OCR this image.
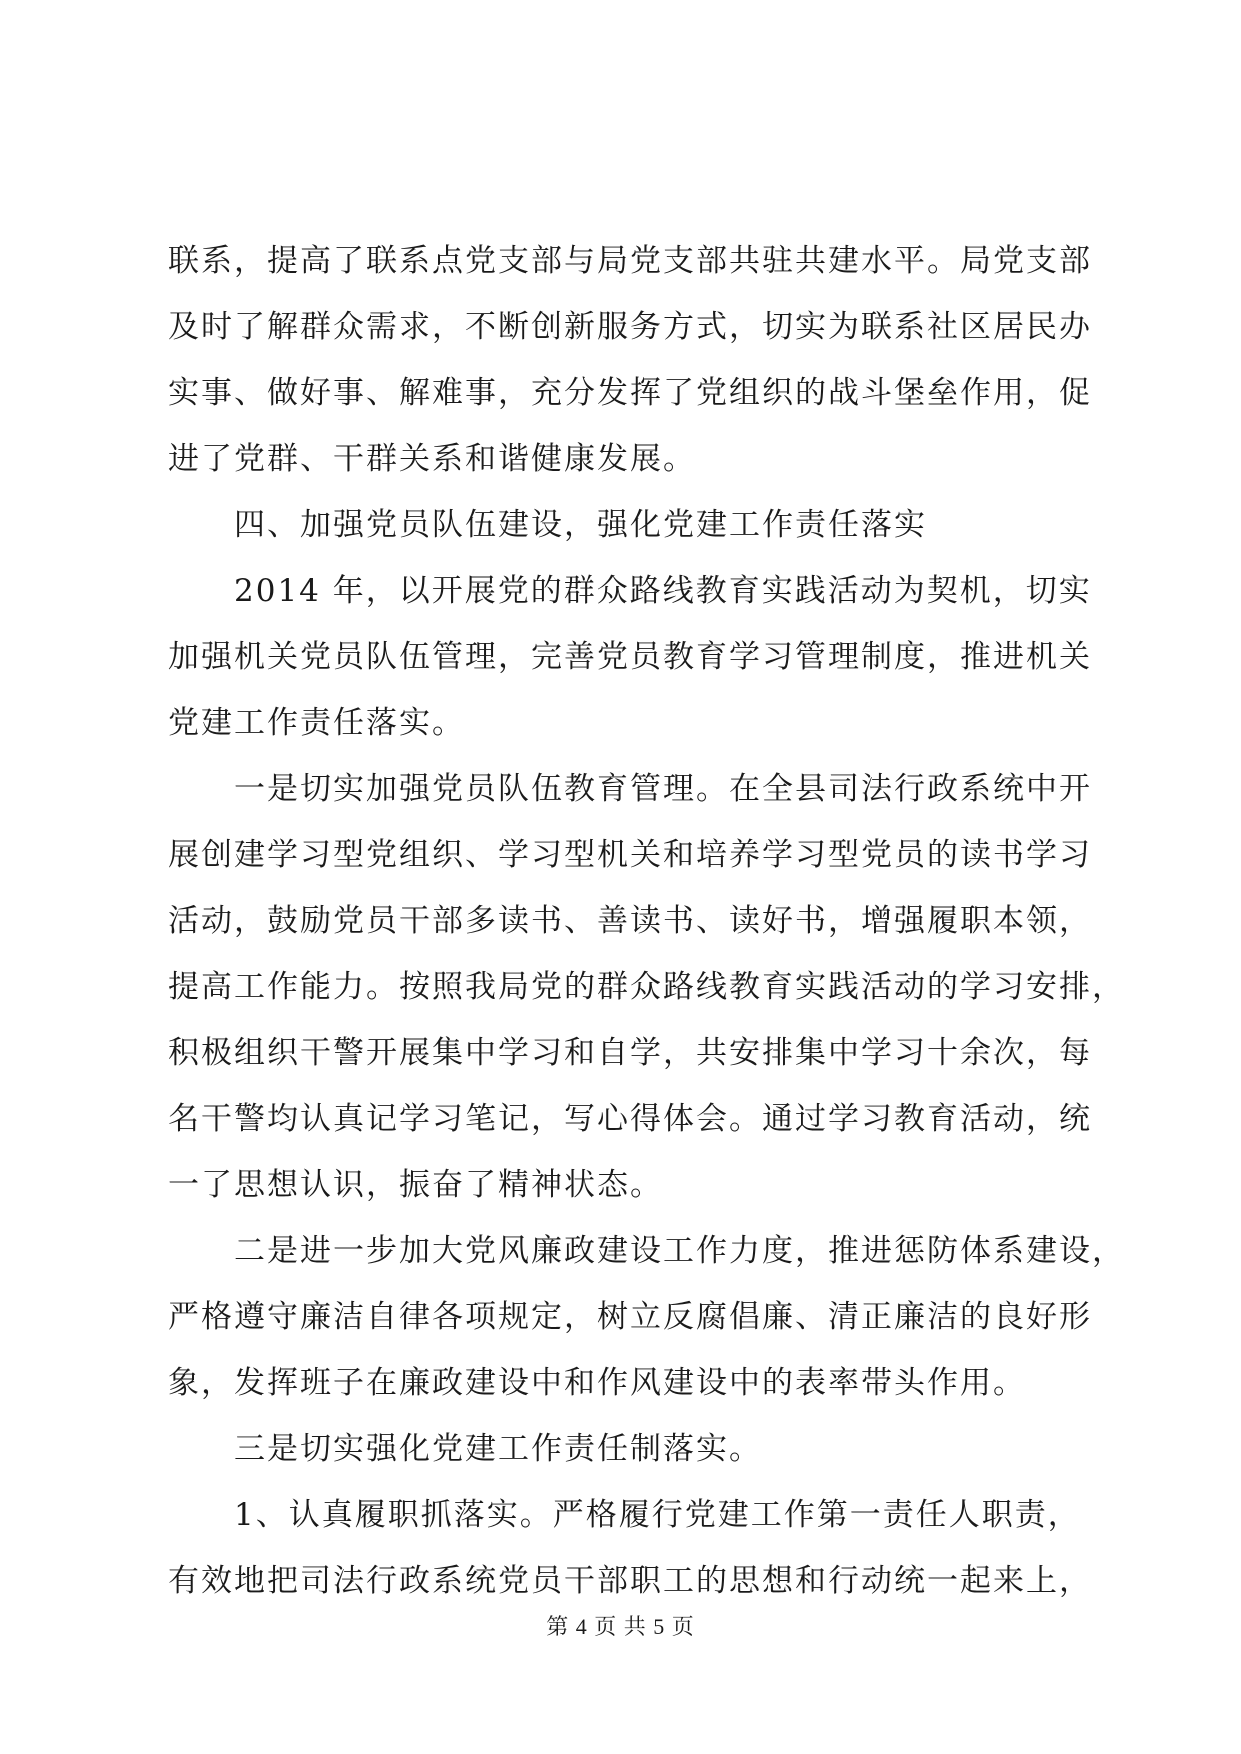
联系，提高了联系点党支部与局党支部共驻共建水平。局党支部
及时了解群众需求，不断创新服务方式，切实为联系社区居民办
实事、做好事、解难事，充分发挥了党组织的战斗堡垒作用，促
进了党群、干群关系和谐健康发展。
　　四、加强党员队伍建设，强化党建工作责任落实
　　2014 年，以开展党的群众路线教育实践活动为契机，切实
加强机关党员队伍管理，完善党员教育学习管理制度，推进机关
党建工作责任落实。
　　一是切实加强党员队伍教育管理。在全县司法行政系统中开
展创建学习型党组织、学习型机关和培养学习型党员的读书学习
活动，鼓励党员干部多读书、善读书、读好书，增强履职本领，
提高工作能力。按照我局党的群众路线教育实践活动的学习安排，
积极组织干警开展集中学习和自学，共安排集中学习十余次，每
名干警均认真记学习笔记，写心得体会。通过学习教育活动，统
一了思想认识，振奋了精神状态。
　　二是进一步加大党风廉政建设工作力度，推进惩防体系建设，
严格遵守廉洁自律各项规定，树立反腐倡廉、清正廉洁的良好形
象，发挥班子在廉政建设中和作风建设中的表率带头作用。
　　三是切实强化党建工作责任制落实。
　　1、认真履职抓落实。严格履行党建工作第一责任人职责，
有效地把司法行政系统党员干部职工的思想和行动统一起来上，
第 4 页 共 5 页
